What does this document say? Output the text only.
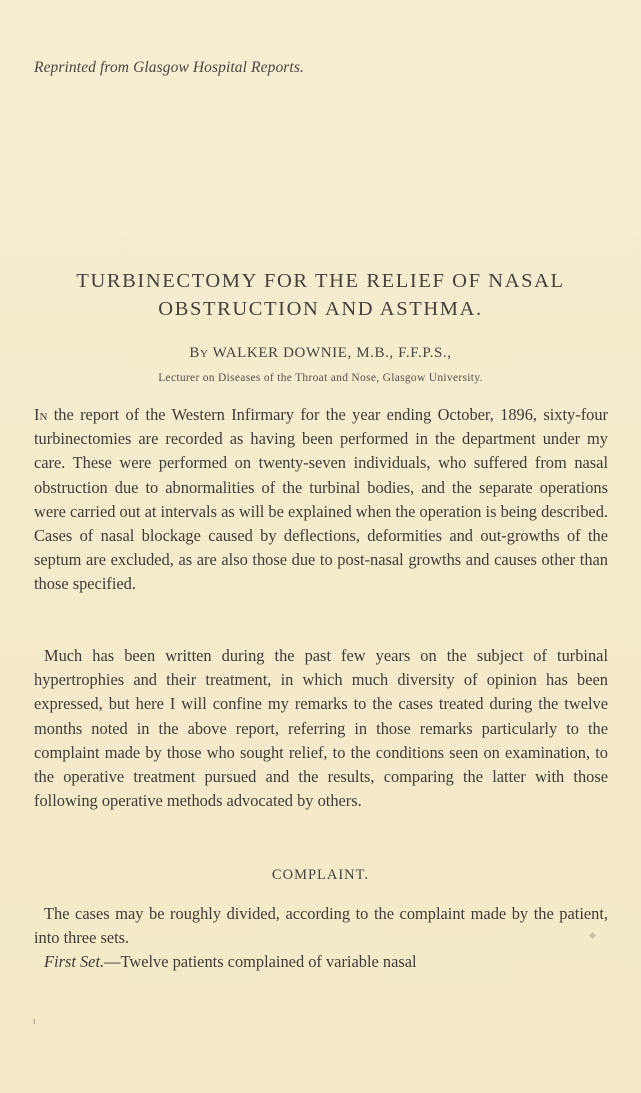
Reprinted from Glasgow Hospital Reports.
TURBINECTOMY FOR THE RELIEF OF NASAL
OBSTRUCTION AND ASTHMA.
By WALKER DOWNIE, M.B., F.F.P.S.,
Lecturer on Diseases of the Throat and Nose, Glasgow University.
In the report of the Western Infirmary for the year ending October, 1896, sixty-four turbinectomies are recorded as having been performed in the department under my care. These were performed on twenty-seven individuals, who suffered from nasal obstruction due to abnormalities of the turbinal bodies, and the separate operations were carried out at intervals as will be explained when the operation is being described. Cases of nasal blockage caused by deflections, deformities and out-growths of the septum are excluded, as are also those due to post-nasal growths and causes other than those specified.
Much has been written during the past few years on the subject of turbinal hypertrophies and their treatment, in which much diversity of opinion has been expressed, but here I will confine my remarks to the cases treated during the twelve months noted in the above report, referring in those remarks particularly to the complaint made by those who sought relief, to the conditions seen on examination, to the operative treatment pursued and the results, comparing the latter with those following operative methods advocated by others.
COMPLAINT.
The cases may be roughly divided, according to the complaint made by the patient, into three sets.
First Set.—Twelve patients complained of variable nasal
ɪ
